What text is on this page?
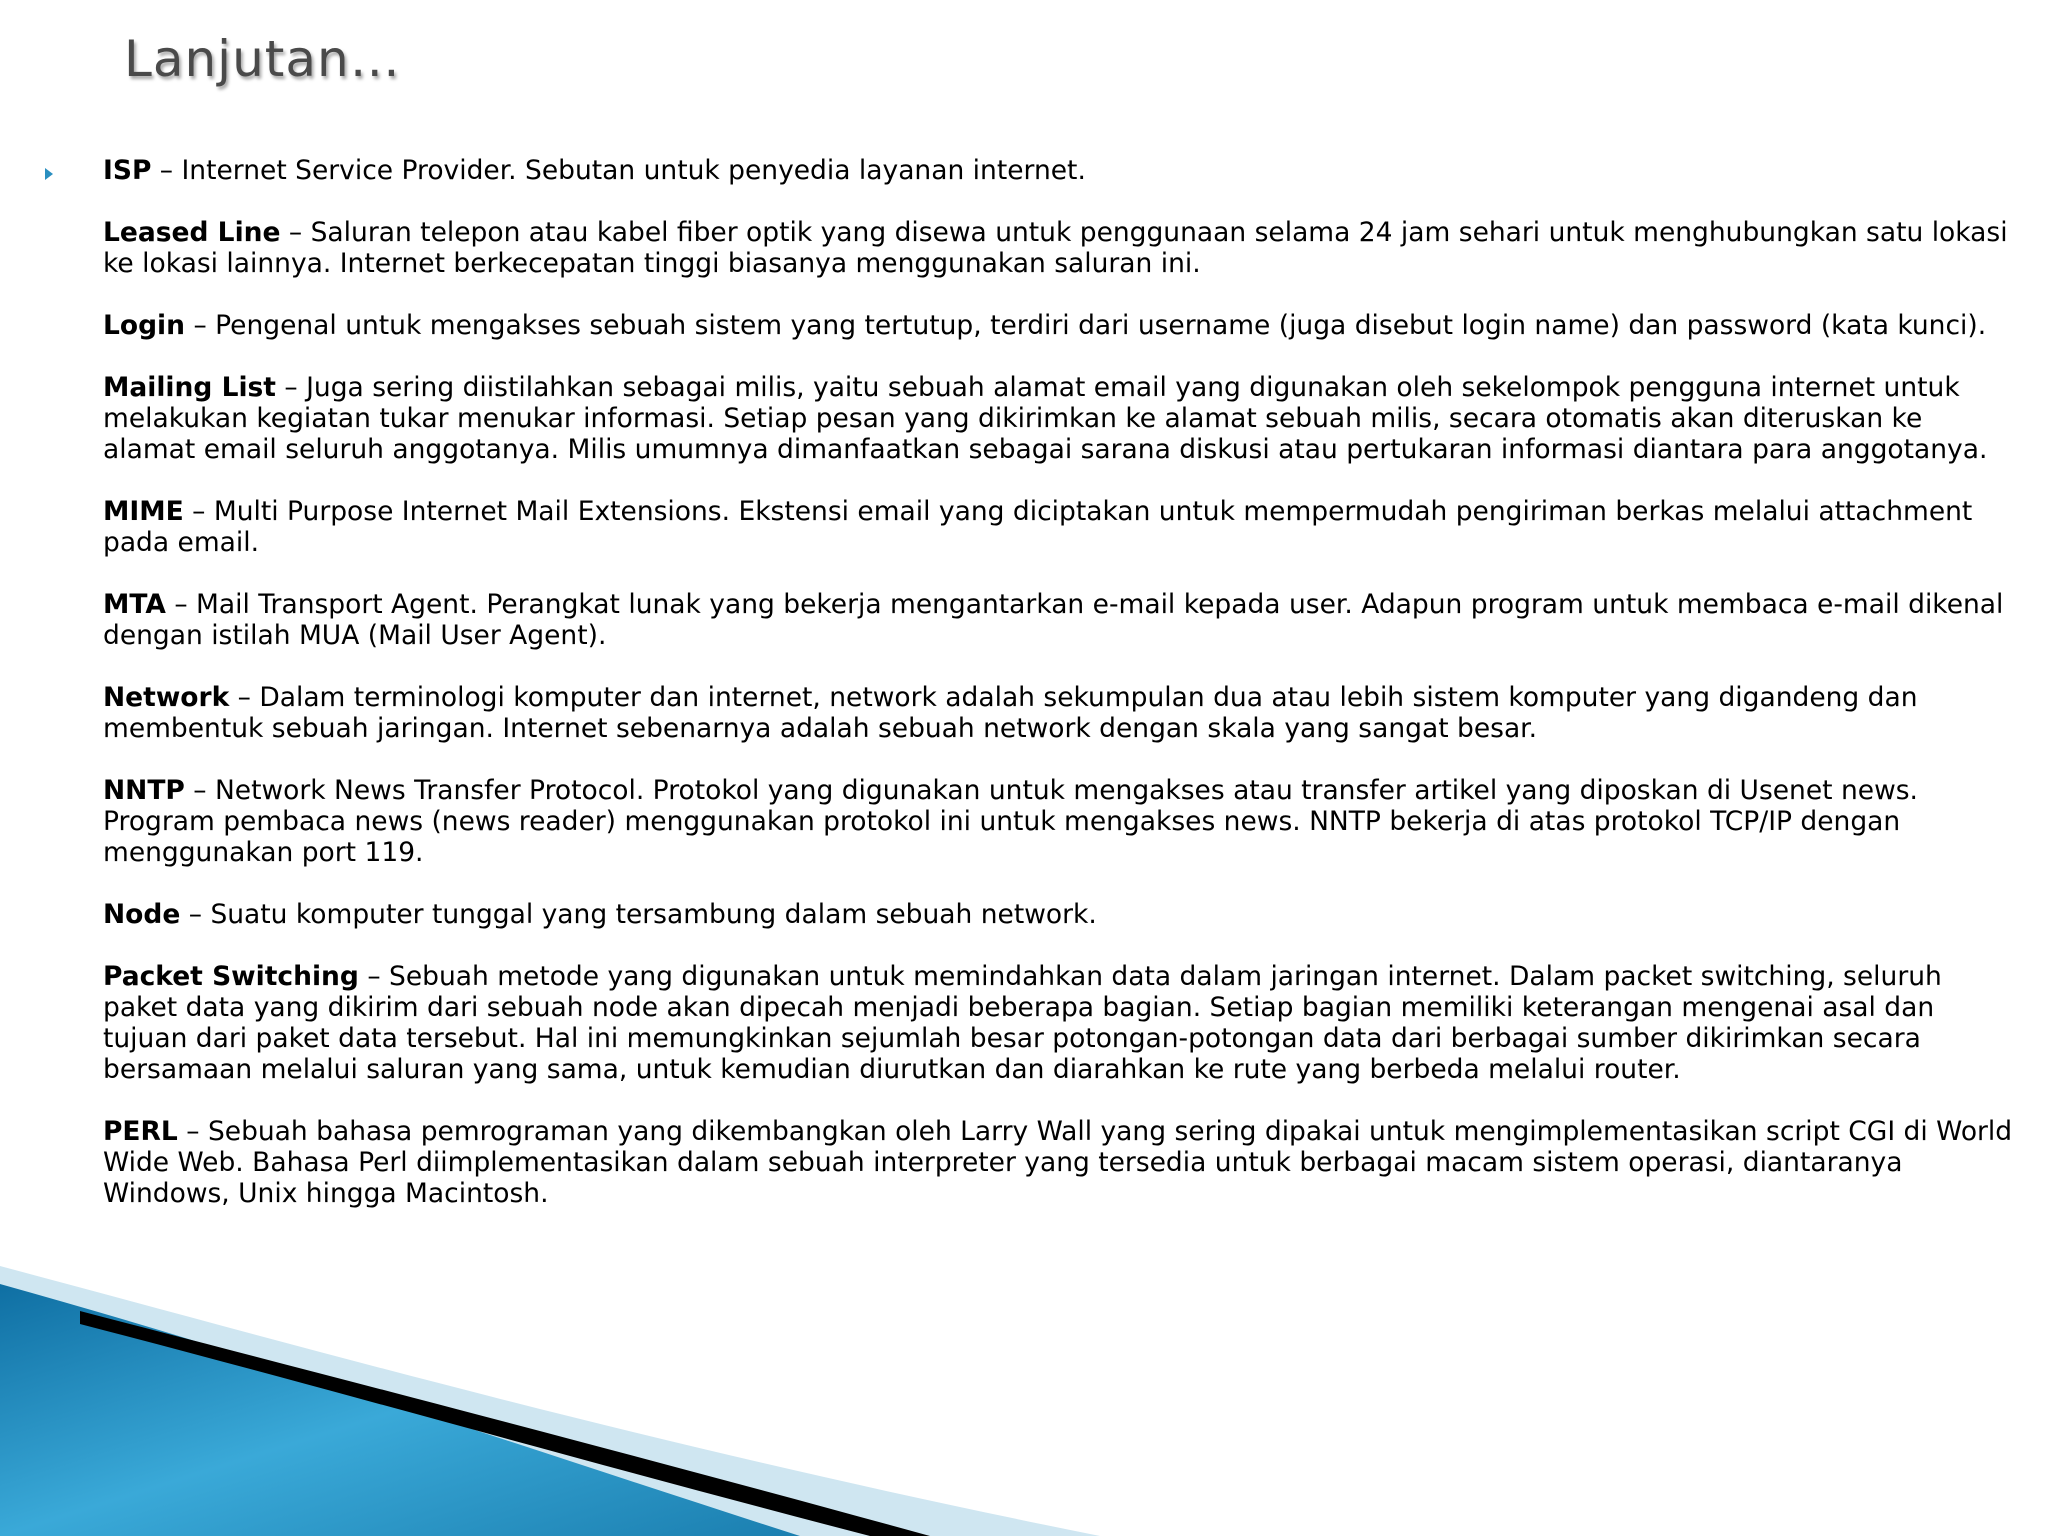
Lanjutan…

ISP – Internet Service Provider. Sebutan untuk penyedia layanan internet.

Leased Line – Saluran telepon atau kabel fiber optik yang disewa untuk penggunaan selama 24 jam sehari untuk menghubungkan satu lokasi ke lokasi lainnya. Internet berkecepatan tinggi biasanya menggunakan saluran ini.

Login – Pengenal untuk mengakses sebuah sistem yang tertutup, terdiri dari username (juga disebut login name) dan password (kata kunci).

Mailing List – Juga sering diistilahkan sebagai milis, yaitu sebuah alamat email yang digunakan oleh sekelompok pengguna internet untuk melakukan kegiatan tukar menukar informasi. Setiap pesan yang dikirimkan ke alamat sebuah milis, secara otomatis akan diteruskan ke alamat email seluruh anggotanya. Milis umumnya dimanfaatkan sebagai sarana diskusi atau pertukaran informasi diantara para anggotanya.

MIME – Multi Purpose Internet Mail Extensions. Ekstensi email yang diciptakan untuk mempermudah pengiriman berkas melalui attachment pada email.

MTA – Mail Transport Agent. Perangkat lunak yang bekerja mengantarkan e-mail kepada user. Adapun program untuk membaca e-mail dikenal dengan istilah MUA (Mail User Agent).

Network – Dalam terminologi komputer dan internet, network adalah sekumpulan dua atau lebih sistem komputer yang digandeng dan membentuk sebuah jaringan. Internet sebenarnya adalah sebuah network dengan skala yang sangat besar.

NNTP – Network News Transfer Protocol. Protokol yang digunakan untuk mengakses atau transfer artikel yang diposkan di Usenet news. Program pembaca news (news reader) menggunakan protokol ini untuk mengakses news. NNTP bekerja di atas protokol TCP/IP dengan menggunakan port 119.

Node – Suatu komputer tunggal yang tersambung dalam sebuah network.

Packet Switching – Sebuah metode yang digunakan untuk memindahkan data dalam jaringan internet. Dalam packet switching, seluruh paket data yang dikirim dari sebuah node akan dipecah menjadi beberapa bagian. Setiap bagian memiliki keterangan mengenai asal dan tujuan dari paket data tersebut. Hal ini memungkinkan sejumlah besar potongan-potongan data dari berbagai sumber dikirimkan secara bersamaan melalui saluran yang sama, untuk kemudian diurutkan dan diarahkan ke rute yang berbeda melalui router.

PERL – Sebuah bahasa pemrograman yang dikembangkan oleh Larry Wall yang sering dipakai untuk mengimplementasikan script CGI di World Wide Web. Bahasa Perl diimplementasikan dalam sebuah interpreter yang tersedia untuk berbagai macam sistem operasi, diantaranya Windows, Unix hingga Macintosh.
